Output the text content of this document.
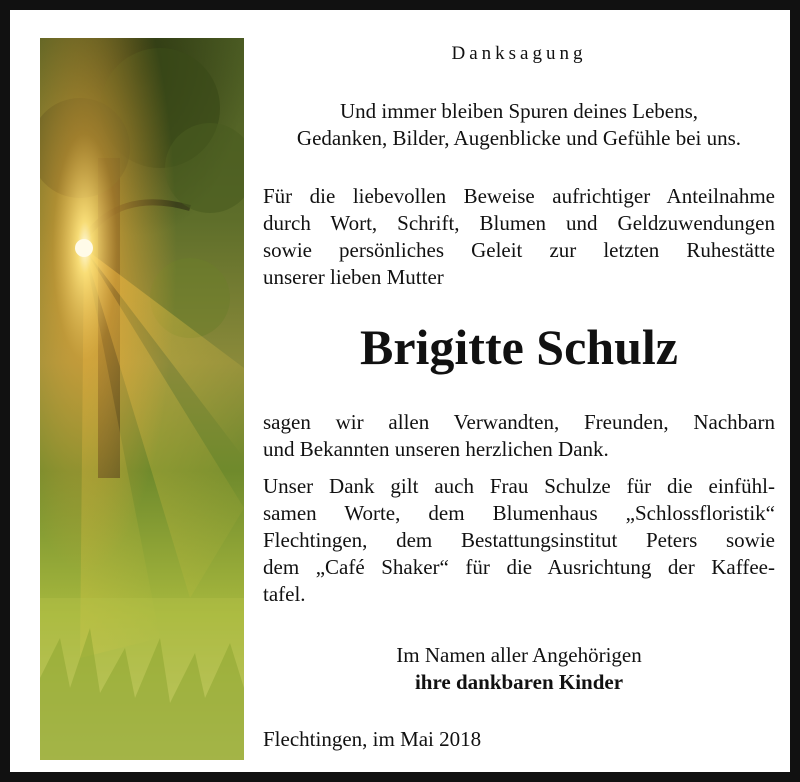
Danksagung
Und immer bleiben Spuren deines Lebens,
Gedanken, Bilder, Augenblicke und Gefühle bei uns.
Für die liebevollen Beweise aufrichtiger Anteilnahme
durch Wort, Schrift, Blumen und Geldzuwendungen
sowie persönliches Geleit zur letzten Ruhestätte
unserer lieben Mutter
Brigitte Schulz
sagen wir allen Verwandten, Freunden, Nachbarn
und Bekannten unseren herzlichen Dank.
Unser Dank gilt auch Frau Schulze für die einfühl-
samen Worte, dem Blumenhaus „Schlossfloristik“
Flechtingen, dem Bestattungsinstitut Peters sowie
dem „Café Shaker“ für die Ausrichtung der Kaffee-
tafel.
Im Namen aller Angehörigen
ihre dankbaren Kinder
Flechtingen, im Mai 2018
